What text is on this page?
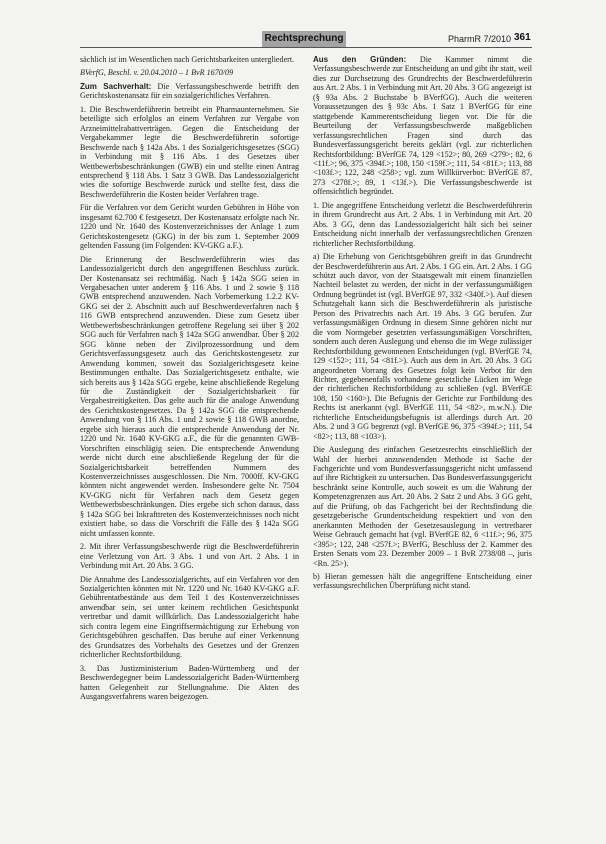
Rechtsprechung	PharmR 7/2010 361

sächlich ist im Wesentlichen nach Gerichtsbarkeiten untergliedert.

BVerfG, Beschl. v. 20.04.2010 – 1 BvR 1670/09

Zum Sachverhalt: Die Verfassungsbeschwerde betrifft den Gerichtskostenansatz für ein sozialgerichtliches Verfahren.

1. Die Beschwerdeführerin betreibt ein Pharmaunternehmen. Sie beteiligte sich erfolglos an einem Verfahren zur Vergabe von Arzneimittelrabattverträgen. Gegen die Entscheidung der Vergabekammer legte die Beschwerdeführerin sofortige Beschwerde nach § 142a Abs. 1 des Sozialgerichtsgesetzes (SGG) in Verbindung mit § 116 Abs. 1 des Gesetzes über Wettbewerbsbeschränkungen (GWB) ein und stellte einen Antrag entsprechend § 118 Abs. 1 Satz 3 GWB. Das Landessozialgericht wies die sofortige Beschwerde zurück und stellte fest, dass die Beschwerdeführerin die Kosten beider Verfahren trage.

Für die Verfahren vor dem Gericht wurden Gebühren in Höhe von insgesamt 62.700 € festgesetzt. Der Kostenansatz erfolgte nach Nr. 1220 und Nr. 1640 des Kostenverzeichnisses der Anlage 1 zum Gerichtskostengesetz (GKG) in der bis zum 1. September 2009 geltenden Fassung (im Folgenden: KV-GKG a.F.).

Die Erinnerung der Beschwerdeführerin wies das Landessozialgericht durch den angegriffenen Beschluss zurück. Der Kostenansatz sei rechtmäßig. Nach § 142a SGG seien in Vergabesachen unter anderem § 116 Abs. 1 und 2 sowie § 118 GWB entsprechend anzuwenden. Nach Vorbemerkung 1.2.2 KV-GKG sei der 2. Abschnitt auch auf Beschwerdeverfahren nach § 116 GWB entsprechend anzuwenden. Diese zum Gesetz über Wettbewerbsbeschränkungen getroffene Regelung sei über § 202 SGG auch für Verfahren nach § 142a SGG anwendbar. Über § 202 SGG könne neben der Zivilprozessordnung und dem Gerichtsverfassungsgesetz auch das Gerichtskostengesetz zur Anwendung kommen, soweit das Sozialgerichtsgesetz keine Bestimmungen enthalte. Das Sozialgerichtsgesetz enthalte, wie sich bereits aus § 142a SGG ergebe, keine abschließende Regelung für die Zuständigkeit der Sozialgerichtsbarkeit für Vergabestreitigkeiten. Das gelte auch für die analoge Anwendung des Gerichtskostengesetzes. Da § 142a SGG die entsprechende Anwendung von § 116 Abs. 1 und 2 sowie § 118 GWB anordne, ergebe sich hieraus auch die entsprechende Anwendung der Nr. 1220 und Nr. 1640 KV-GKG a.F., die für die genannten GWB-Vorschriften einschlägig seien. Die entsprechende Anwendung werde nicht durch eine abschließende Regelung der für die Sozialgerichtsbarkeit betreffenden Nummern des Kostenverzeichnisses ausgeschlossen. Die Nrn. 7000ff. KV-GKG könnten nicht angewendet werden. Insbesondere gelte Nr. 7504 KV-GKG nicht für Verfahren nach dem Gesetz gegen Wettbewerbsbeschränkungen. Dies ergebe sich schon daraus, dass § 142a SGG bei Inkrafttreten des Kostenverzeichnisses noch nicht existiert habe, so dass die Vorschrift die Fälle des § 142a SGG nicht umfassen konnte.

2. Mit ihrer Verfassungsbeschwerde rügt die Beschwerdeführerin eine Verletzung von Art. 3 Abs. 1 und von Art. 2 Abs. 1 in Verbindung mit Art. 20 Abs. 3 GG.

Die Annahme des Landessozialgerichts, auf ein Verfahren vor den Sozialgerichten könnten mit Nr. 1220 und Nr. 1640 KV-GKG a.F. Gebührentatbestände aus dem Teil 1 des Kostenverzeichnisses anwendbar sein, sei unter keinem rechtlichen Gesichtspunkt vertretbar und damit willkürlich. Das Landessozialgericht habe sich contra legem eine Eingriffsermächtigung zur Erhebung von Gerichtsgebühren geschaffen. Das beruhe auf einer Verkennung des Grundsatzes des Vorbehalts des Gesetzes und der Grenzen richterlicher Rechtsfortbildung.

3. Das Justizministerium Baden-Württemberg und der Beschwerdegegner beim Landessozialgericht Baden-Württemberg hatten Gelegenheit zur Stellungnahme. Die Akten des Ausgangsverfahrens waren beigezogen.

Aus den Gründen: Die Kammer nimmt die Verfassungsbeschwerde zur Entscheidung an und gibt ihr statt, weil dies zur Durchsetzung des Grundrechts der Beschwerdeführerin aus Art. 2 Abs. 1 in Verbindung mit Art. 20 Abs. 3 GG angezeigt ist (§ 93a Abs. 2 Buchstabe b BVerfGG). Auch die weiteren Voraussetzungen des § 93c Abs. 1 Satz 1 BVerfGG für eine stattgebende Kammerentscheidung liegen vor. Die für die Beurteilung der Verfassungsbeschwerde maßgeblichen verfassungsrechtlichen Fragen sind durch das Bundesverfassungsgericht bereits geklärt (vgl. zur richterlichen Rechtsfortbildung: BVerfGE 74, 129 <152>; 80, 269 <279>; 82, 6 <11f.>; 96, 375 <394f.>; 108, 150 <159f.>; 111, 54 <81f.>; 113, 88 <103f.>; 122, 248 <258>; vgl. zum Willkürverbot: BVerfGE 87, 273 <278f.>; 89, 1 <13f.>). Die Verfassungsbeschwerde ist offensichtlich begründet.

1. Die angegriffene Entscheidung verletzt die Beschwerdeführerin in ihrem Grundrecht aus Art. 2 Abs. 1 in Verbindung mit Art. 20 Abs. 3 GG, denn das Landessozialgericht hält sich bei seiner Entscheidung nicht innerhalb der verfassungsrechtlichen Grenzen richterlicher Rechtsfortbildung.

a) Die Erhebung von Gerichtsgebühren greift in das Grundrecht der Beschwerdeführerin aus Art. 2 Abs. 1 GG ein. Art. 2 Abs. 1 GG schützt auch davor, von der Staatsgewalt mit einem finanziellen Nachteil belastet zu werden, der nicht in der verfassungsmäßigen Ordnung begründet ist (vgl. BVerfGE 97, 332 <340f.>). Auf diesen Schutzgehalt kann sich die Beschwerdeführerin als juristische Person des Privatrechts nach Art. 19 Abs. 3 GG berufen. Zur verfassungsmäßigen Ordnung in diesem Sinne gehören nicht nur die vom Normgeber gesetzten verfassungsmäßigen Vorschriften, sondern auch deren Auslegung und ebenso die im Wege zulässiger Rechtsfortbildung gewonnenen Entscheidungen (vgl. BVerfGE 74, 129 <152>; 111, 54 <81f.>). Auch aus dem in Art. 20 Abs. 3 GG angeordneten Vorrang des Gesetzes folgt kein Verbot für den Richter, gegebenenfalls vorhandene gesetzliche Lücken im Wege der richterlichen Rechtsfortbildung zu schließen (vgl. BVerfGE 108, 150 <160>). Die Befugnis der Gerichte zur Fortbildung des Rechts ist anerkannt (vgl. BVerfGE 111, 54 <82>, m.w.N.). Die richterliche Entscheidungsbefugnis ist allerdings durch Art. 20 Abs. 2 und 3 GG begrenzt (vgl. BVerfGE 96, 375 <394f.>; 111, 54 <82>; 113, 88 <103>).

Die Auslegung des einfachen Gesetzesrechts einschließlich der Wahl der hierbei anzuwendenden Methode ist Sache der Fachgerichte und vom Bundesverfassungsgericht nicht umfassend auf ihre Richtigkeit zu untersuchen. Das Bundesverfassungsgericht beschränkt seine Kontrolle, auch soweit es um die Wahrung der Kompetenzgrenzen aus Art. 20 Abs. 2 Satz 2 und Abs. 3 GG geht, auf die Prüfung, ob das Fachgericht bei der Rechtsfindung die gesetzgeberische Grundentscheidung respektiert und von den anerkannten Methoden der Gesetzesauslegung in vertretbarer Weise Gebrauch gemacht hat (vgl. BVerfGE 82, 6 <11f.>; 96, 375 <395>; 122, 248 <257f.>; BVerfG, Beschluss der 2. Kammer des Ersten Senats vom 23. Dezember 2009 – 1 BvR 2738/08 –, juris <Rn. 25>).

b) Hieran gemessen hält die angegriffene Entscheidung einer verfassungsrechtlichen Überprüfung nicht stand.
